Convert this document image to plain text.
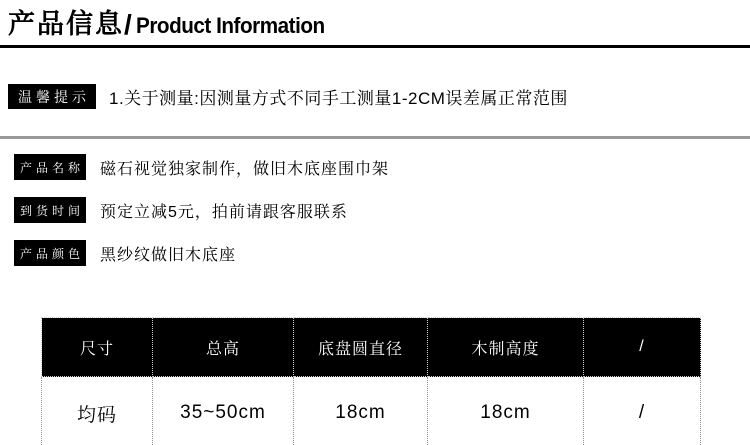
产品信息 / Product Information
温馨提示	1.关于测量:因测量方式不同手工测量1-2CM误差属正常范围
产品名称 磁石视觉独家制作，做旧木底座围巾架
到货时间 预定立减5元，拍前请跟客服联系
产品颜色 黑纱纹做旧木底座
尺寸	总高	底盘圆直径	木制高度	/
均码	35~50cm	18cm	18cm	/
